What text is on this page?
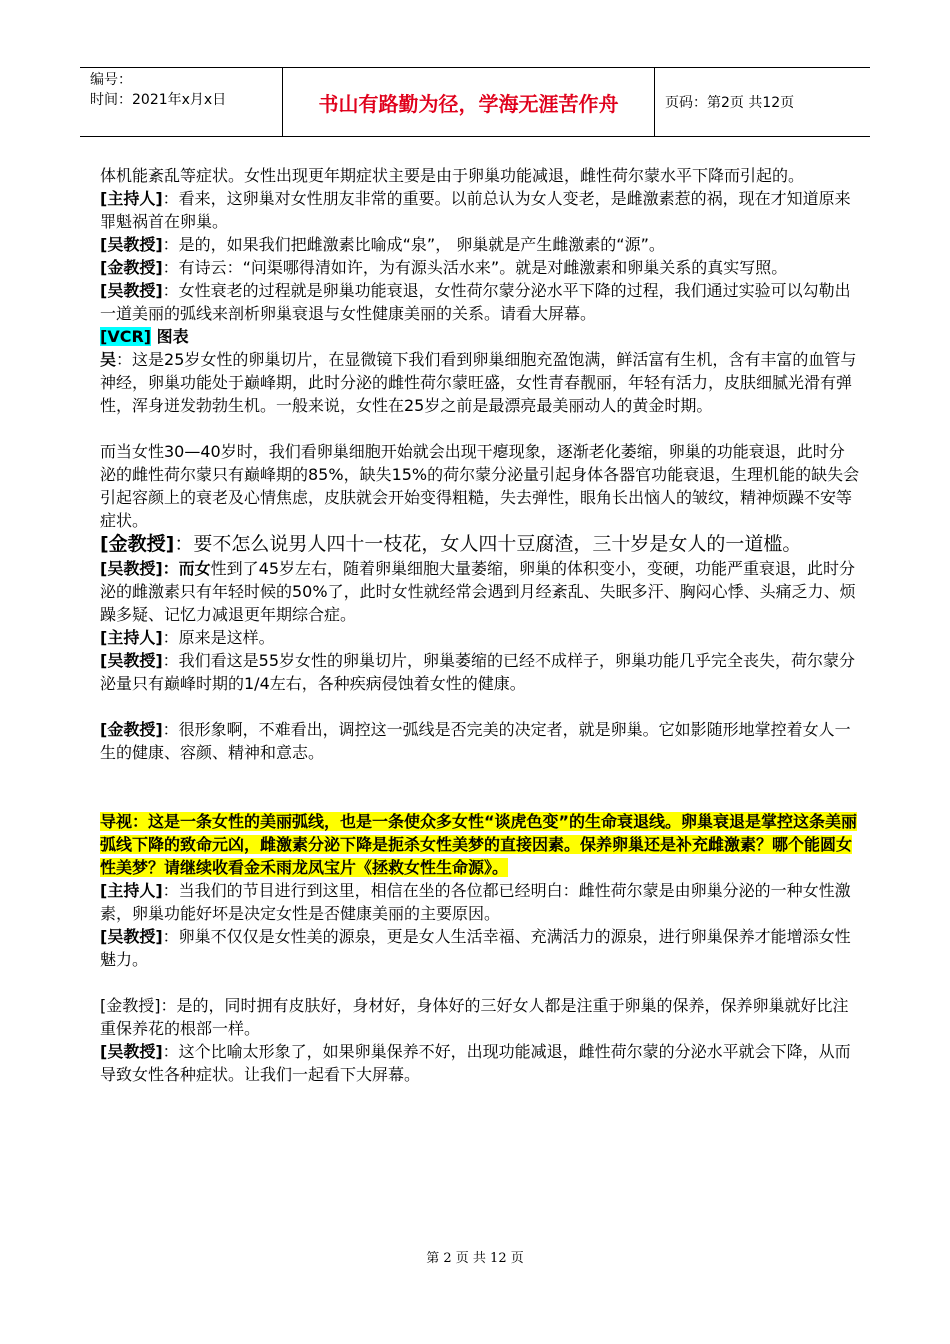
编号：
时间：2021年x月x日	书山有路勤为径，学海无涯苦作舟	页码：第2页 共12页

体机能紊乱等症状。女性出现更年期症状主要是由于卵巢功能减退，雌性荷尔蒙水平下降而引起的。

[主持人]：看来，这卵巢对女性朋友非常的重要。以前总认为女人变老，是雌激素惹的祸，现在才知道原来罪魁祸首在卵巢。

[吴教授]：是的，如果我们把雌激素比喻成“泉”， 卵巢就是产生雌激素的“源”。

[金教授]：有诗云：“问渠哪得清如许，为有源头活水来”。就是对雌激素和卵巢关系的真实写照。

[吴教授]：女性衰老的过程就是卵巢功能衰退，女性荷尔蒙分泌水平下降的过程，我们通过实验可以勾勒出一道美丽的弧线来剖析卵巢衰退与女性健康美丽的关系。请看大屏幕。

[VCR] 图表

吴：这是25岁女性的卵巢切片，在显微镜下我们看到卵巢细胞充盈饱满，鲜活富有生机，含有丰富的血管与神经，卵巢功能处于巅峰期，此时分泌的雌性荷尔蒙旺盛，女性青春靓丽，年轻有活力，皮肤细腻光滑有弹性，浑身迸发勃勃生机。一般来说，女性在25岁之前是最漂亮最美丽动人的黄金时期。

而当女性30—40岁时，我们看卵巢细胞开始就会出现干瘪现象，逐渐老化萎缩，卵巢的功能衰退，此时分泌的雌性荷尔蒙只有巅峰期的85%，缺失15%的荷尔蒙分泌量引起身体各器官功能衰退，生理机能的缺失会引起容颜上的衰老及心情焦虑，皮肤就会开始变得粗糙，失去弹性，眼角长出恼人的皱纹，精神烦躁不安等症状。

[金教授]：要不怎么说男人四十一枝花，女人四十豆腐渣，三十岁是女人的一道槛。

[吴教授]：而女性到了45岁左右，随着卵巢细胞大量萎缩，卵巢的体积变小，变硬，功能严重衰退，此时分泌的雌激素只有年轻时候的50%了，此时女性就经常会遇到月经紊乱、失眠多汗、胸闷心悸、头痛乏力、烦躁多疑、记忆力减退更年期综合症。

[主持人]：原来是这样。

[吴教授]：我们看这是55岁女性的卵巢切片，卵巢萎缩的已经不成样子，卵巢功能几乎完全丧失，荷尔蒙分泌量只有巅峰时期的1/4左右，各种疾病侵蚀着女性的健康。

[金教授]：很形象啊，不难看出，调控这一弧线是否完美的决定者，就是卵巢。它如影随形地掌控着女人一生的健康、容颜、精神和意志。

导视：这是一条女性的美丽弧线，也是一条使众多女性“谈虎色变”的生命衰退线。卵巢衰退是掌控这条美丽弧线下降的致命元凶，雌激素分泌下降是扼杀女性美梦的直接因素。保养卵巢还是补充雌激素？哪个能圆女性美梦？请继续收看金禾雨龙凤宝片《拯救女性生命源》。

[主持人]：当我们的节目进行到这里，相信在坐的各位都已经明白：雌性荷尔蒙是由卵巢分泌的一种女性激素，卵巢功能好坏是决定女性是否健康美丽的主要原因。

[吴教授]：卵巢不仅仅是女性美的源泉，更是女人生活幸福、充满活力的源泉，进行卵巢保养才能增添女性魅力。

[金教授]：是的，同时拥有皮肤好，身材好，身体好的三好女人都是注重于卵巢的保养，保养卵巢就好比注重保养花的根部一样。

[吴教授]：这个比喻太形象了，如果卵巢保养不好，出现功能减退，雌性荷尔蒙的分泌水平就会下降，从而导致女性各种症状。让我们一起看下大屏幕。

第 2 页 共 12 页
